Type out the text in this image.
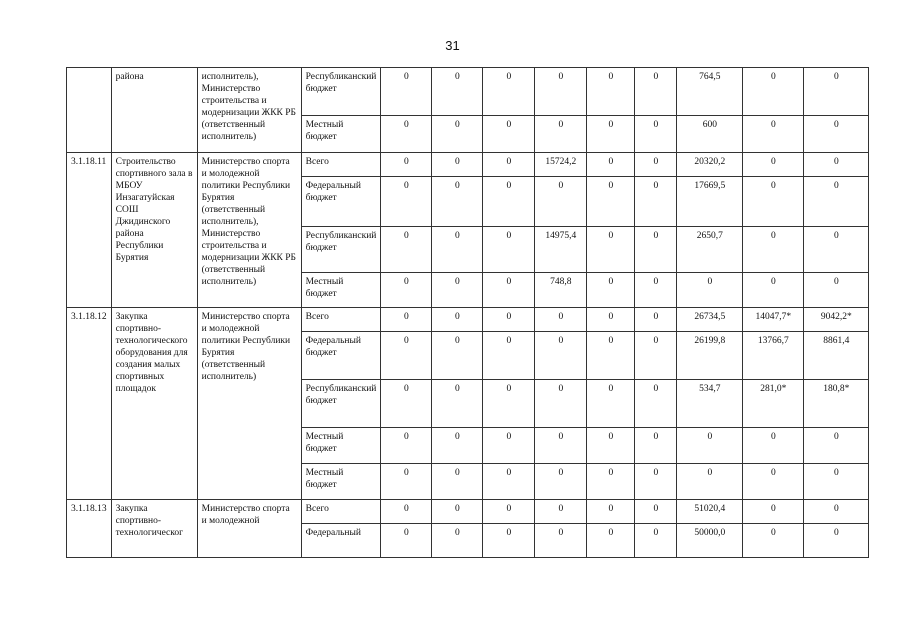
31
	района	исполнитель), Министерство строительства и модернизации ЖКК РБ (ответственный исполнитель)	Республиканский бюджет	0	0	0	0	0	0	764,5	0	0
			Местный бюджет	0	0	0	0	0	0	600	0	0
3.1.18.11	Строительство спортивного зала в МБОУ Инзагатуйская СОШ Джидинского района Республики Бурятия	Министерство спорта и молодежной политики Республики Бурятия (ответственный исполнитель), Министерство строительства и модернизации ЖКК РБ (ответственный исполнитель)	Всего	0	0	0	15724,2	0	0	20320,2	0	0
			Федеральный бюджет	0	0	0	0	0	0	17669,5	0	0
			Республиканский бюджет	0	0	0	14975,4	0	0	2650,7	0	0
			Местный бюджет	0	0	0	748,8	0	0	0	0	0
3.1.18.12	Закупка спортивно-технологического оборудования для создания малых спортивных площадок	Министерство спорта и молодежной политики Республики Бурятия (ответственный исполнитель)	Всего	0	0	0	0	0	0	26734,5	14047,7*	9042,2*
			Федеральный бюджет	0	0	0	0	0	0	26199,8	13766,7	8861,4
			Республиканский бюджет	0	0	0	0	0	0	534,7	281,0*	180,8*
			Местный бюджет	0	0	0	0	0	0	0	0	0
			Местный бюджет	0	0	0	0	0	0	0	0	0
3.1.18.13	Закупка спортивно-технологическог	Министерство спорта и молодежной	Всего	0	0	0	0	0	0	51020,4	0	0
			Федеральный	0	0	0	0	0	0	50000,0	0	0
